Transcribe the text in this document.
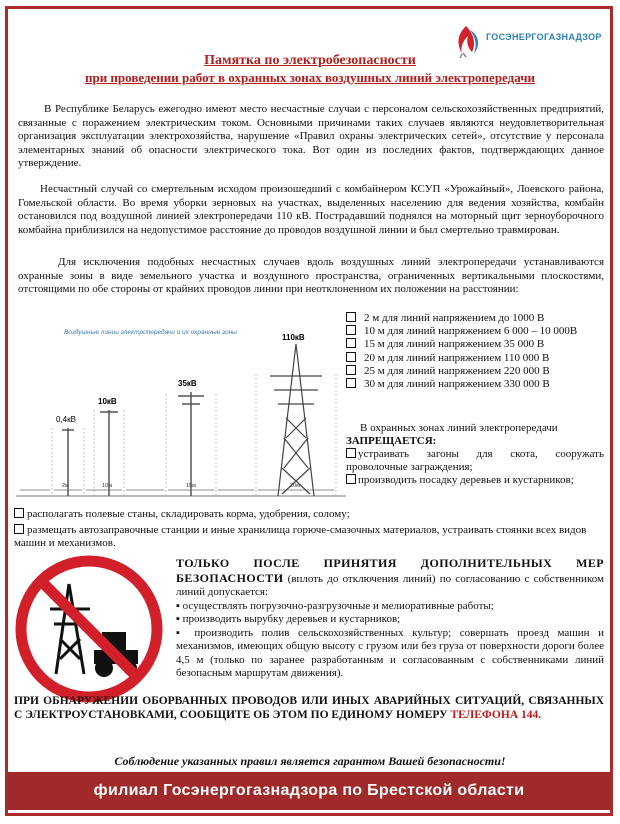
ГОСЭНЕРГОГАЗНАДЗОР
Памятка по электробезопасности
при проведении работ в охранных зонах воздушных линий электропередачи

В Республике Беларусь ежегодно имеют место несчастные случаи с персоналом сельскохозяйственных предприятий, связанные с поражением электрическим током. Основными причинами таких случаев являются неудовлетворительная организация эксплуатации электрохозяйства, нарушение «Правил охраны электрических сетей», отсутствие у персонала элементарных знаний об опасности электрического тока. Вот один из последних фактов, подтверждающих данное утверждение.

Несчастный случай со смертельным исходом произошедший с комбайнером КСУП «Урожайный», Лоевского района, Гомельской области. Во время уборки зерновых на участках, выделенных населению для ведения хозяйства, комбайн остановился под воздушной линией электропередачи 110 кВ. Пострадавший поднялся на моторный щит зерноуборочного комбайна приблизился на недопустимое расстояние до проводов воздушной линии и был смертельно травмирован.

Для исключения подобных несчастных случаев вдоль воздушных линий электропередачи устанавливаются охранные зоны в виде земельного участка и воздушного пространства, ограниченных вертикальными плоскостями, отстоящими по обе стороны от крайних проводов линии при неотклоненном их положении на расстоянии:

Воздушные линии электропередачи и их охранные зоны
0,4кВ
10кВ
35кВ
110кВ
2м	10м	15м	20м
2 м для линий напряжением до 1000 В
10 м для линий напряжением 6 000 – 10 000В
15 м для линий напряжением 35 000 В
20 м для линий напряжением 110 000 В
25 м для линий напряжением 220 000 В
30 м для линий напряжением 330 000 В
В охранных зонах линий электропередачи
ЗАПРЕЩАЕТСЯ:
устраивать загоны для скота, сооружать проволочные заграждения;
производить посадку деревьев и кустарников;
располагать полевые станы, складировать корма, удобрения, солому;
размещать автозаправочные станции и иные хранилища горюче-смазочных материалов, устраивать стоянки всех видов машин и механизмов.
ТОЛЬКО ПОСЛЕ ПРИНЯТИЯ ДОПОЛНИТЕЛЬНЫХ МЕР БЕЗОПАСНОСТИ (вплоть до отключения линий) по согласованию с собственником линий допускается:
▪ осуществлять погрузочно-разгрузочные и мелиоративные работы;
▪ производить вырубку деревьев и кустарников;
▪ производить полив сельскохозяйственных культур; совершать проезд машин и механизмов, имеющих общую высоту с грузом или без груза от поверхности дороги более 4,5 м (только по заранее разработанным и согласованным с собственниками линий безопасным маршрутам движения).
ПРИ ОБНАРУЖЕНИИ ОБОРВАННЫХ ПРОВОДОВ ИЛИ ИНЫХ АВАРИЙНЫХ СИТУАЦИЙ, СВЯЗАННЫХ С ЭЛЕКТРОУСТАНОВКАМИ, СООБЩИТЕ ОБ ЭТОМ ПО ЕДИНОМУ НОМЕРУ ТЕЛЕФОНА 144.
Соблюдение указанных правил является гарантом Вашей безопасности!
филиал Госэнергогазнадзора по Брестской области
